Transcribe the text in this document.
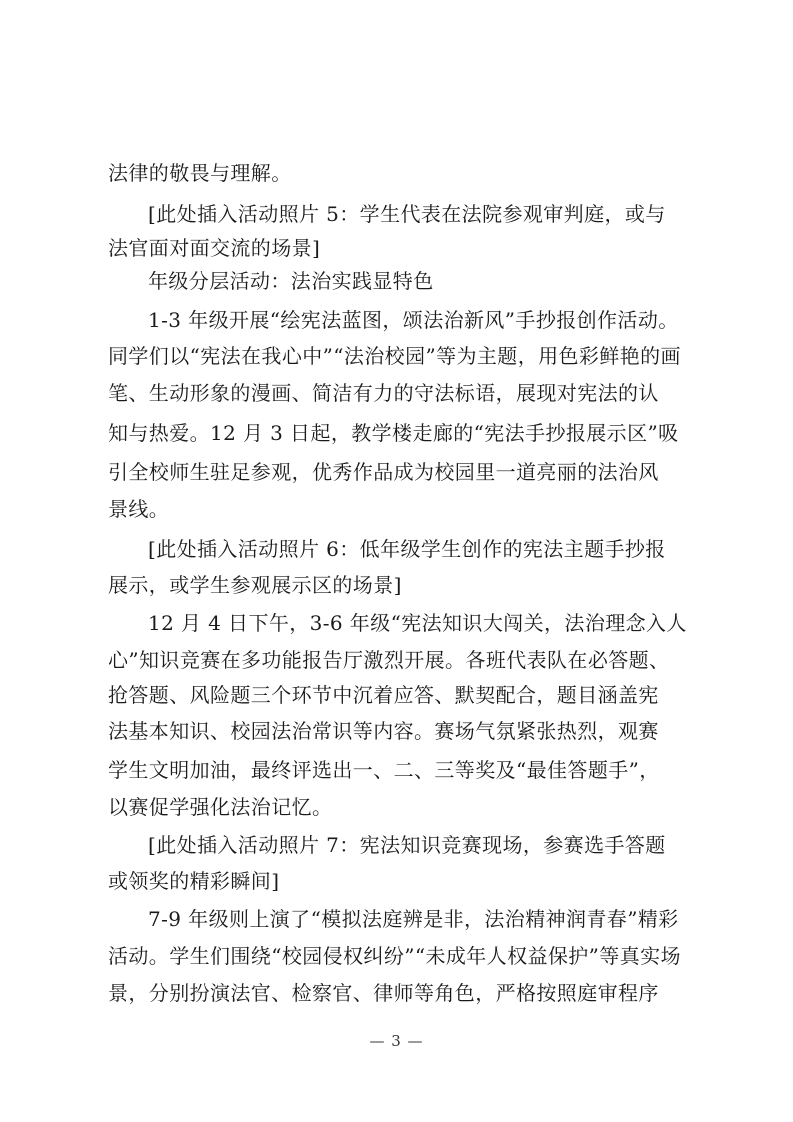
法律的敬畏与理解。
[此处插入活动照片 5：学生代表在法院参观审判庭，或与
法官面对面交流的场景]
年级分层活动：法治实践显特色
1-3 年级开展“绘宪法蓝图，颂法治新风”手抄报创作活动。
同学们以“宪法在我心中”“法治校园”等为主题，用色彩鲜艳的画
笔、生动形象的漫画、简洁有力的守法标语，展现对宪法的认
知与热爱。12 月 3 日起，教学楼走廊的“宪法手抄报展示区”吸
引全校师生驻足参观，优秀作品成为校园里一道亮丽的法治风
景线。
[此处插入活动照片 6：低年级学生创作的宪法主题手抄报
展示，或学生参观展示区的场景]
12 月 4 日下午，3-6 年级“宪法知识大闯关，法治理念入人
心”知识竞赛在多功能报告厅激烈开展。各班代表队在必答题、
抢答题、风险题三个环节中沉着应答、默契配合，题目涵盖宪
法基本知识、校园法治常识等内容。赛场气氛紧张热烈，观赛
学生文明加油，最终评选出一、二、三等奖及“最佳答题手”，
以赛促学强化法治记忆。
[此处插入活动照片 7：宪法知识竞赛现场，参赛选手答题
或领奖的精彩瞬间]
7-9 年级则上演了“模拟法庭辨是非，法治精神润青春”精彩
活动。学生们围绕“校园侵权纠纷”“未成年人权益保护”等真实场
景，分别扮演法官、检察官、律师等角色，严格按照庭审程序
— 3 —
